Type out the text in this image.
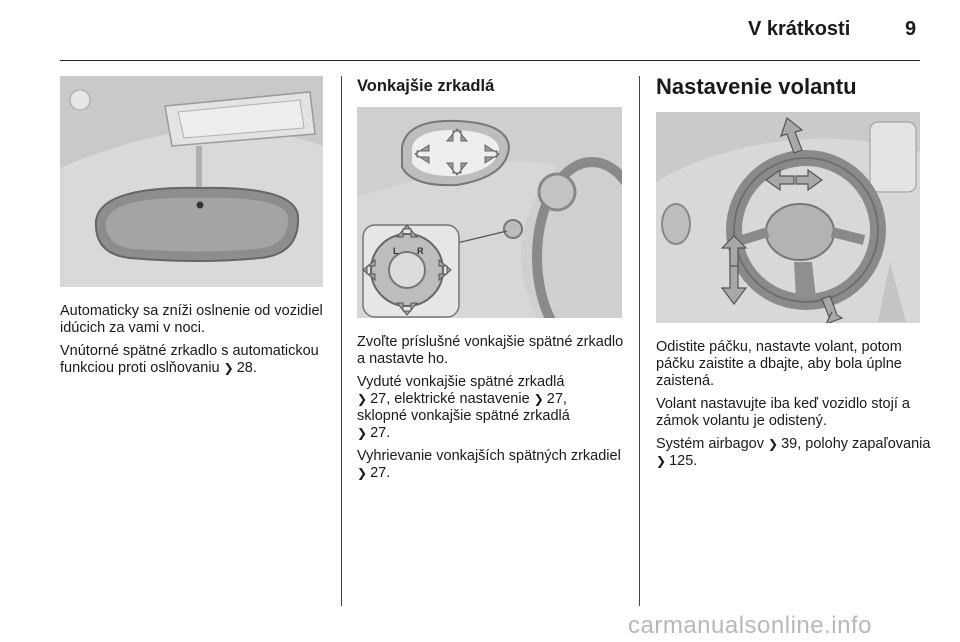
V krátkosti	9

Automaticky sa zníži oslnenie od vozidiel idúcich za vami v noci.

Vnútorné spätné zrkadlo s automatickou funkciou proti oslňovaniu ❯ 28.

Vonkajšie zrkadlá
L R

Zvoľte príslušné vonkajšie spätné zrkadlo a nastavte ho.

Vyduté vonkajšie spätné zrkadlá
❯ 27, elektrické nastavenie ❯ 27,
sklopné vonkajšie spätné zrkadlá
❯ 27.

Vyhrievanie vonkajších spätných zrkadiel ❯ 27.

Nastavenie volantu

Odistite páčku, nastavte volant, potom páčku zaistite a dbajte, aby bola úplne zaistená.

Volant nastavujte iba keď vozidlo stojí a zámok volantu je odistený.

Systém airbagov ❯ 39, polohy zapaľovania ❯ 125.

carmanualsonline.info
